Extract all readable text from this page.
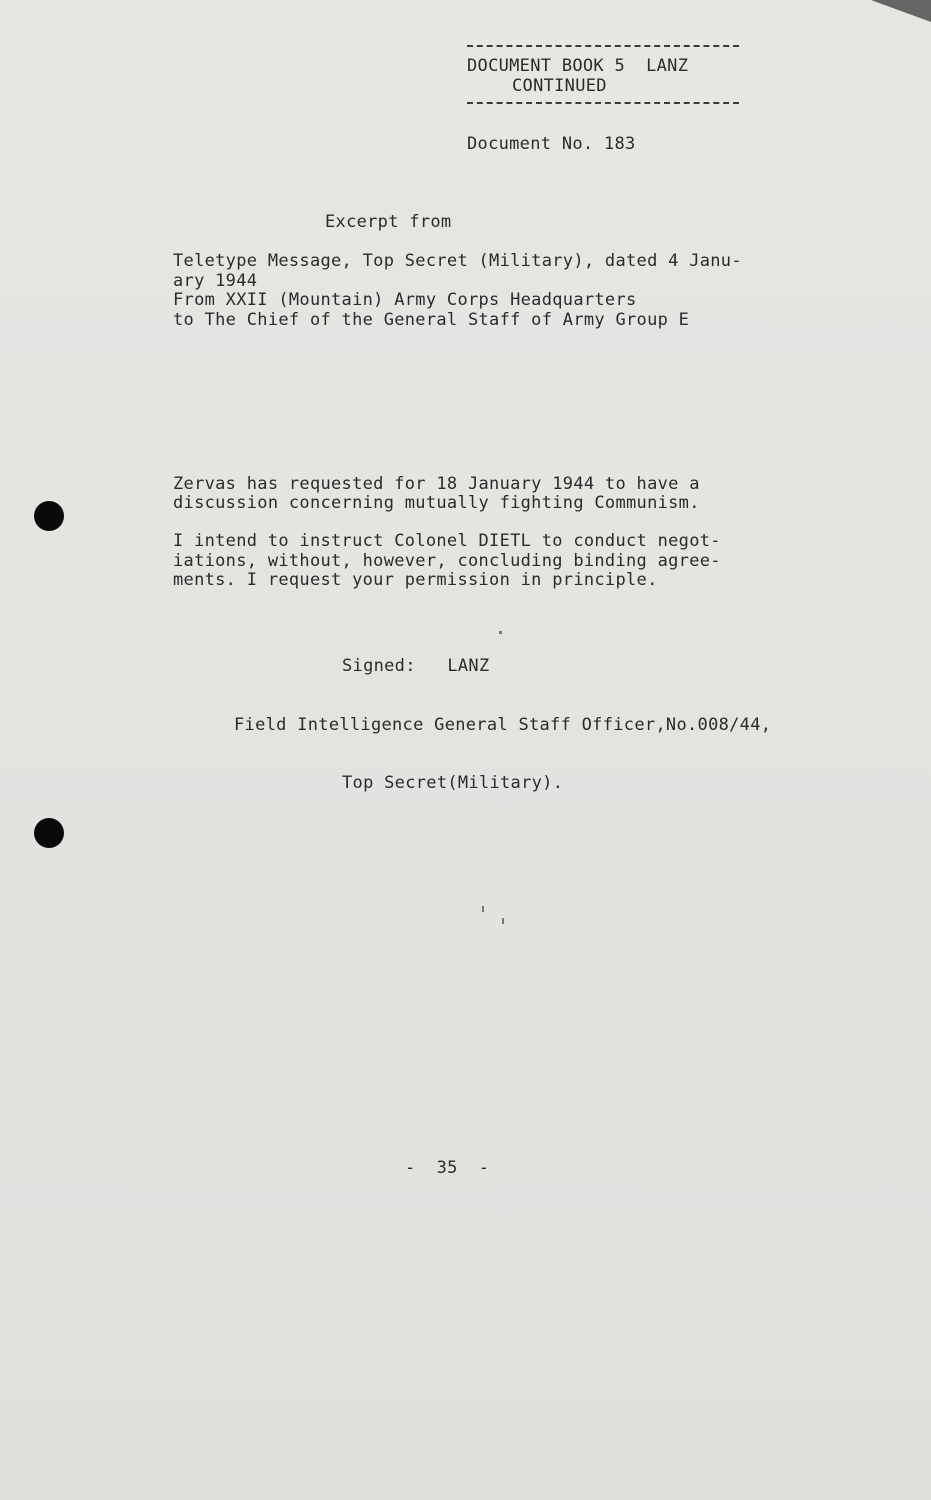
DOCUMENT BOOK 5  LANZ
CONTINUED
Document No. 183
Excerpt from
Teletype Message, Top Secret (Military), dated 4 Janu-
ary 1944
From XXII (Mountain) Army Corps Headquarters
to The Chief of the General Staff of Army Group E
Zervas has requested for 18 January 1944 to have a
discussion concerning mutually fighting Communism.
I intend to instruct Colonel DIETL to conduct negot-
iations, without, however, concluding binding agree-
ments. I request your permission in principle.
Signed:   LANZ
Field Intelligence General Staff Officer,No.008/44,
Top Secret(Military).
-  35  -
